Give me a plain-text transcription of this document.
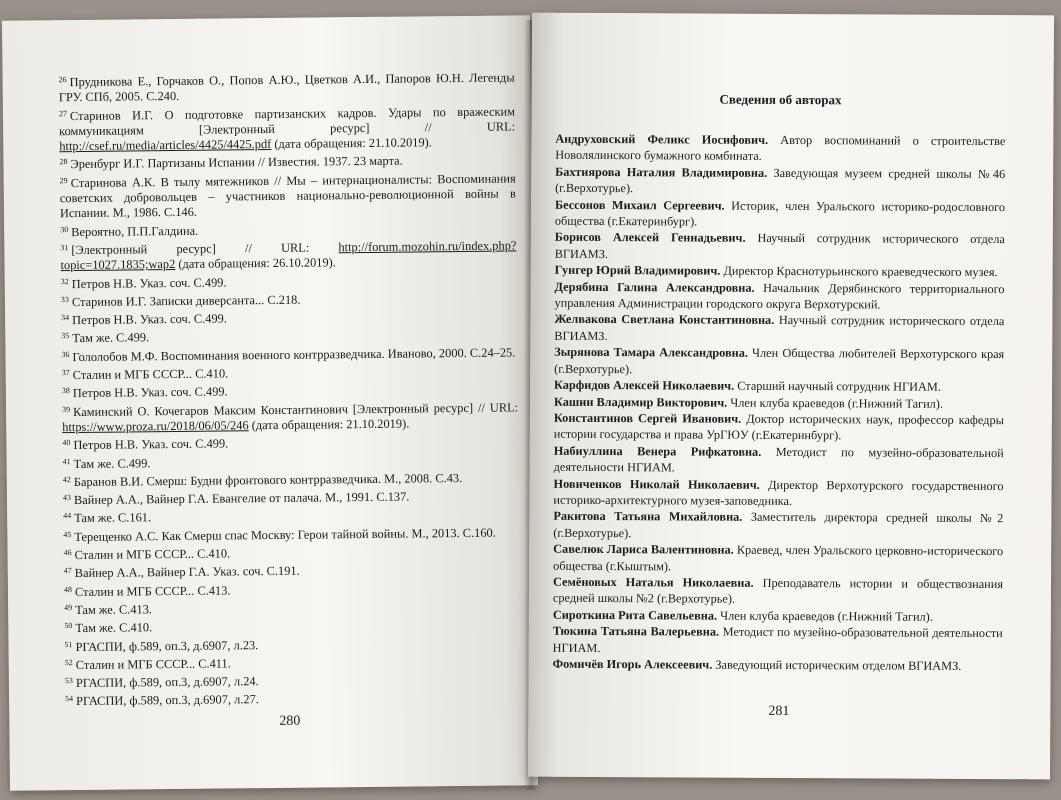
$^{26}$ Прудникова Е., Горчаков О., Попов А.Ю., Цветков А.И., Папоров Ю.Н. Легенды ГРУ. СПб, 2005. С.240.

$^{27}$ Старинов И.Г. О подготовке партизанских кадров. Удары по вражеским коммуникациям [Электронный ресурс] // URL: http://csef.ru/media/articles/4425/4425.pdf (дата обращения: 21.10.2019).

$^{28}$ Эренбург И.Г. Партизаны Испании // Известия. 1937. 23 марта.

$^{29}$ Старинова А.К. В тылу мятежников // Мы – интернационалисты: Воспоминания советских добровольцев – участников национально-революционной войны в Испании. М., 1986. С.146.

$^{30}$ Вероятно, П.П.Галдина.

$^{31}$ [Электронный ресурс] // URL: http://forum.mozohin.ru/index.php?topic=1027.1835;wap2 (дата обращения: 26.10.2019).

$^{32}$ Петров Н.В. Указ. соч. С.499.

$^{33}$ Старинов И.Г. Записки диверсанта... С.218.

$^{34}$ Петров Н.В. Указ. соч. С.499.

$^{35}$ Там же. С.499.

$^{36}$ Гололобов М.Ф. Воспоминания военного контрразведчика. Иваново, 2000. С.24–25.

$^{37}$ Сталин и МГБ СССР... С.410.

$^{38}$ Петров Н.В. Указ. соч. С.499.

$^{39}$ Каминский О. Кочегаров Максим Константинович [Электронный ресурс] // URL: https://www.proza.ru/2018/06/05/246 (дата обращения: 21.10.2019).

$^{40}$ Петров Н.В. Указ. соч. С.499.

$^{41}$ Там же. С.499.

$^{42}$ Баранов В.И. Смерш: Будни фронтового контрразведчика. М., 2008. С.43.

$^{43}$ Вайнер А.А., Вайнер Г.А. Евангелие от палача. М., 1991. С.137.

$^{44}$ Там же. С.161.

$^{45}$ Терещенко А.С. Как Смерш спас Москву: Герои тайной войны. М., 2013. С.160.

$^{46}$ Сталин и МГБ СССР... С.410.

$^{47}$ Вайнер А.А., Вайнер Г.А. Указ. соч. С.191.

$^{48}$ Сталин и МГБ СССР... С.413.

$^{49}$ Там же. С.413.

$^{50}$ Там же. С.410.

$^{51}$ РГАСПИ, ф.589, оп.3, д.6907, л.23.

$^{52}$ Сталин и МГБ СССР... С.411.

$^{53}$ РГАСПИ, ф.589, оп.3, д.6907, л.24.

$^{54}$ РГАСПИ, ф.589, оп.3, д.6907, л.27.

280
Сведения об авторах

Андруховский Феликс Иосифович. Автор воспоминаний о строительстве Новолялинского бумажного комбината.

Бахтиярова Наталия Владимировна. Заведующая музеем средней школы №46 (г.Верхотурье).

Бессонов Михаил Сергеевич. Историк, член Уральского историко-родословного общества (г.Екатеринбург).

Борисов Алексей Геннадьевич. Научный сотрудник исторического отдела ВГИАМЗ.

Гунгер Юрий Владимирович. Директор Краснотурьинского краеведческого музея.

Дерябина Галина Александровна. Начальник Дерябинского территориального управления Администрации городского округа Верхотурский.

Желвакова Светлана Константиновна. Научный сотрудник исторического отдела ВГИАМЗ.

Зырянова Тамара Александровна. Член Общества любителей Верхотурского края (г.Верхотурье).

Карфидов Алексей Николаевич. Старший научный сотрудник НГИАМ.

Кашин Владимир Викторович. Член клуба краеведов (г.Нижний Тагил).

Константинов Сергей Иванович. Доктор исторических наук, профессор кафедры истории государства и права УрГЮУ (г.Екатеринбург).

Набиуллина Венера Рифкатовна. Методист по музейно-образовательной деятельности НГИАМ.

Новиченков Николай Николаевич. Директор Верхотурского государственного историко-архитектурного музея-заповедника.

Ракитова Татьяна Михайловна. Заместитель директора средней школы №2 (г.Верхотурье).

Савелюк Лариса Валентиновна. Краевед, член Уральского церковно-исторического общества (г.Кыштым).

Семёновых Наталья Николаевна. Преподаватель истории и обществознания средней школы №2 (г.Верхотурье).

Сироткина Рита Савельевна. Член клуба краеведов (г.Нижний Тагил).

Тюкина Татьяна Валерьевна. Методист по музейно-образовательной деятельности НГИАМ.

Фомичёв Игорь Алексеевич. Заведующий историческим отделом ВГИАМЗ.

281
